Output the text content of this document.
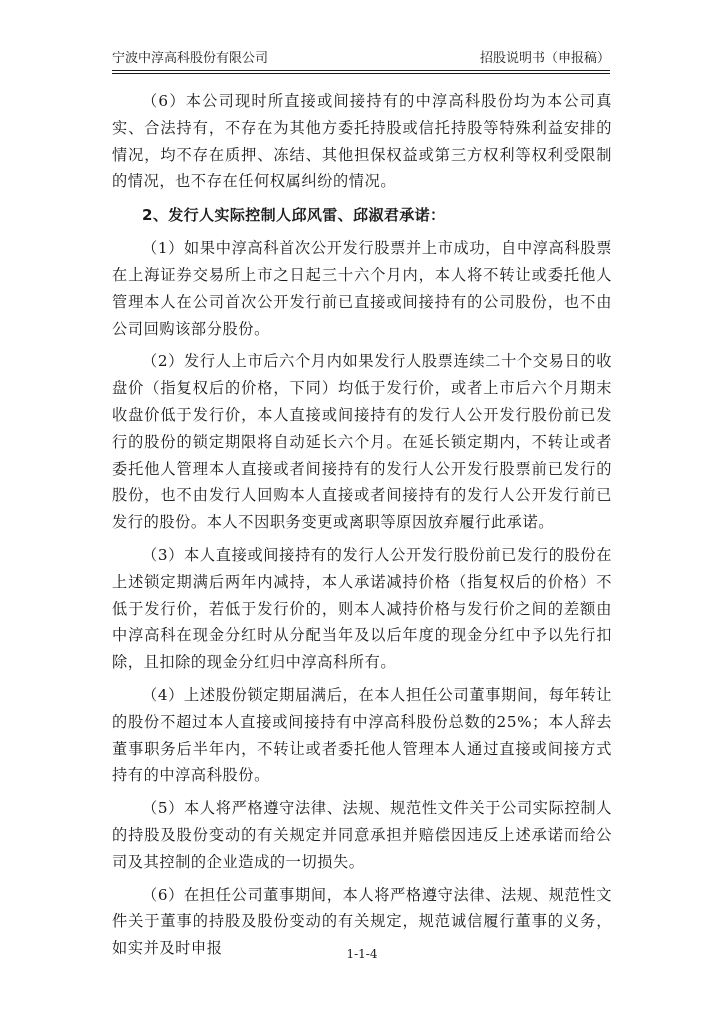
宁波中淳高科股份有限公司	招股说明书（申报稿）

（6）本公司现时所直接或间接持有的中淳高科股份均为本公司真实、合法持有，不存在为其他方委托持股或信托持股等特殊利益安排的情况，均不存在质押、冻结、其他担保权益或第三方权利等权利受限制的情况，也不存在任何权属纠纷的情况。

2、发行人实际控制人邱风雷、邱淑君承诺：

（1）如果中淳高科首次公开发行股票并上市成功，自中淳高科股票在上海证券交易所上市之日起三十六个月内，本人将不转让或委托他人管理本人在公司首次公开发行前已直接或间接持有的公司股份，也不由公司回购该部分股份。

（2）发行人上市后六个月内如果发行人股票连续二十个交易日的收盘价（指复权后的价格，下同）均低于发行价，或者上市后六个月期末收盘价低于发行价，本人直接或间接持有的发行人公开发行股份前已发行的股份的锁定期限将自动延长六个月。在延长锁定期内，不转让或者委托他人管理本人直接或者间接持有的发行人公开发行股票前已发行的股份，也不由发行人回购本人直接或者间接持有的发行人公开发行前已发行的股份。本人不因职务变更或离职等原因放弃履行此承诺。

（3）本人直接或间接持有的发行人公开发行股份前已发行的股份在上述锁定期满后两年内减持，本人承诺减持价格（指复权后的价格）不低于发行价，若低于发行价的，则本人减持价格与发行价之间的差额由中淳高科在现金分红时从分配当年及以后年度的现金分红中予以先行扣除，且扣除的现金分红归中淳高科所有。

（4）上述股份锁定期届满后，在本人担任公司董事期间，每年转让的股份不超过本人直接或间接持有中淳高科股份总数的25%；本人辞去董事职务后半年内，不转让或者委托他人管理本人通过直接或间接方式持有的中淳高科股份。

（5）本人将严格遵守法律、法规、规范性文件关于公司实际控制人的持股及股份变动的有关规定并同意承担并赔偿因违反上述承诺而给公司及其控制的企业造成的一切损失。

（6）在担任公司董事期间，本人将严格遵守法律、法规、规范性文件关于董事的持股及股份变动的有关规定，规范诚信履行董事的义务，如实并及时申报	1-1-4
